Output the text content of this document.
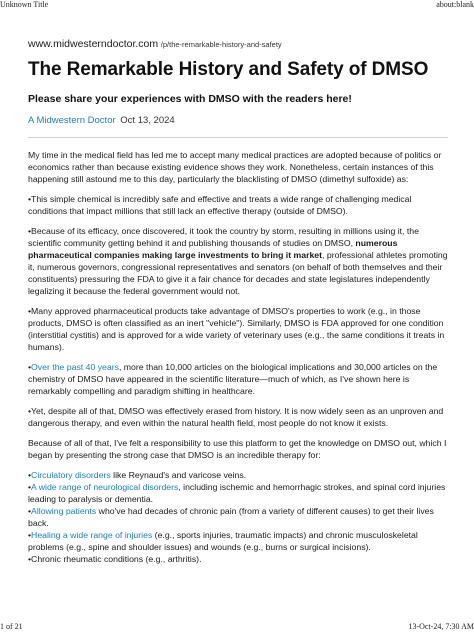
Unknown Title	about:blank
www.midwesterndoctor.com /p/the-remarkable-history-and-safety
The Remarkable History and Safety of DMSO
Please share your experiences with DMSO with the readers here!
A Midwestern Doctor Oct 13, 2024

My time in the medical field has led me to accept many medical practices are adopted because of politics or economics rather than because existing evidence shows they work. Nonetheless, certain instances of this happening still astound me to this day, particularly the blacklisting of DMSO (dimethyl sulfoxide) as:

•This simple chemical is incredibly safe and effective and treats a wide range of challenging medical conditions that impact millions that still lack an effective therapy (outside of DMSO).

•Because of its efficacy, once discovered, it took the country by storm, resulting in millions using it, the scientific community getting behind it and publishing thousands of studies on DMSO, numerous pharmaceutical companies making large investments to bring it market, professional athletes promoting it, numerous governors, congressional representatives and senators (on behalf of both themselves and their constituents) pressuring the FDA to give it a fair chance for decades and state legislatures independently legalizing it because the federal government would not.

•Many approved pharmaceutical products take advantage of DMSO's properties to work (e.g., in those products, DMSO is often classified as an inert "vehicle"). Similarly, DMSO is FDA approved for one condition (interstitial cystitis) and is approved for a wide variety of veterinary uses (e.g., the same conditions it treats in humans).

•Over the past 40 years, more than 10,000 articles on the biological implications and 30,000 articles on the chemistry of DMSO have appeared in the scientific literature—much of which, as I've shown here is remarkably compelling and paradigm shifting in healthcare.

•Yet, despite all of that, DMSO was effectively erased from history. It is now widely seen as an unproven and dangerous therapy, and even within the natural health field, most people do not know it exists.

Because of all of that, I've felt a responsibility to use this platform to get the knowledge on DMSO out, which I began by presenting the strong case that DMSO is an incredible therapy for:

•Circulatory disorders like Reynaud's and varicose veins.
•A wide range of neurological disorders, including ischemic and hemorrhagic strokes, and spinal cord injuries leading to paralysis or dementia.
•Allowing patients who've had decades of chronic pain (from a variety of different causes) to get their lives back.
•Healing a wide range of injuries (e.g., sports injuries, traumatic impacts) and chronic musculoskeletal problems (e.g., spine and shoulder issues) and wounds (e.g., burns or surgical incisions).
•Chronic rheumatic conditions (e.g., arthritis).
1 of 21	13-Oct-24, 7:30 AM
